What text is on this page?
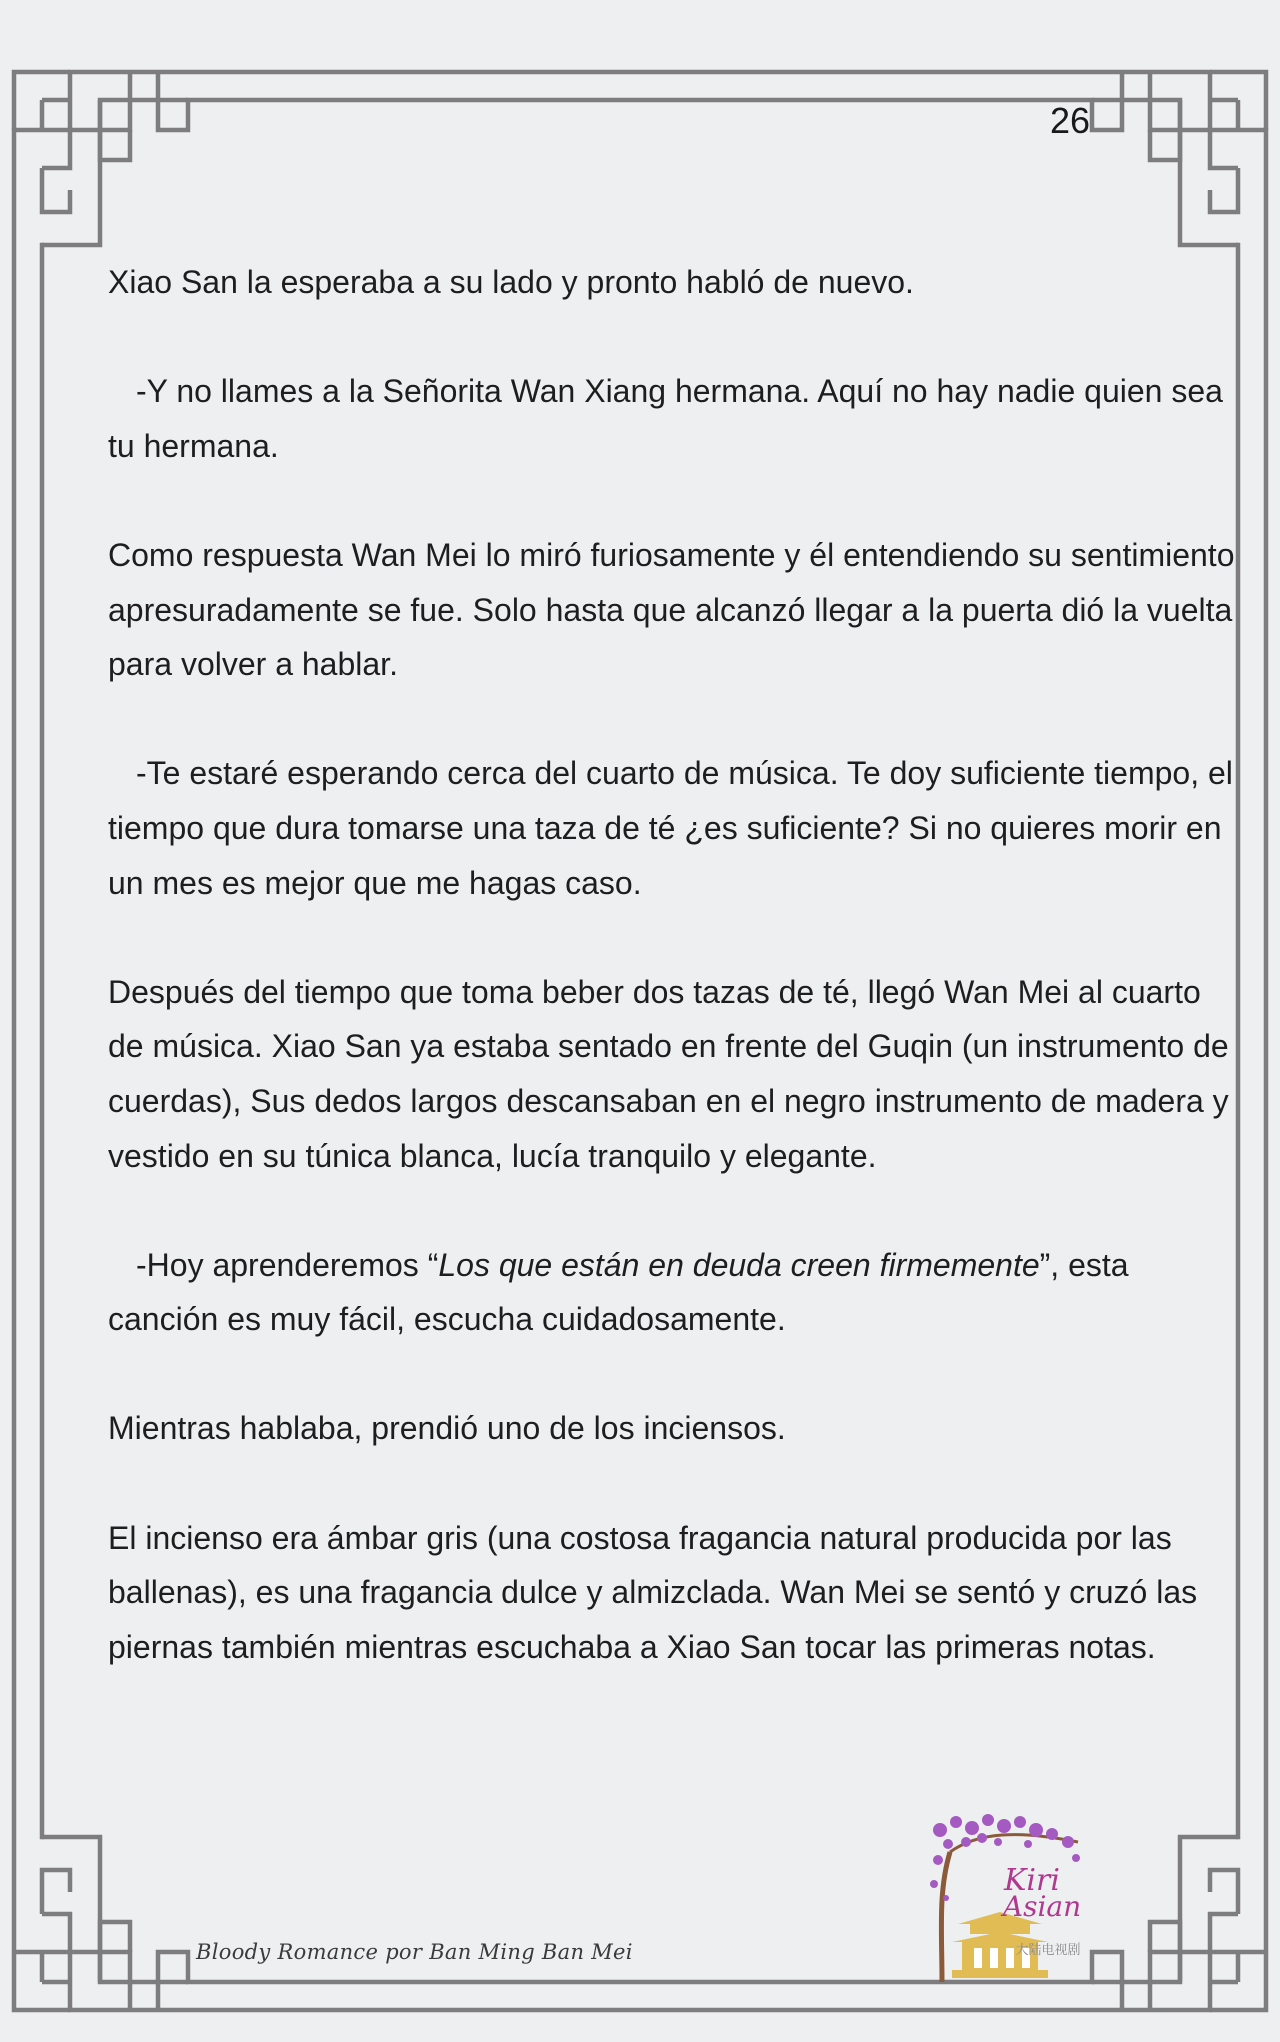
26

Xiao San la esperaba a su lado y pronto habló de nuevo.

-Y no llames a la Señorita Wan Xiang hermana. Aquí no hay nadie quien sea tu hermana.

Como respuesta Wan Mei lo miró furiosamente y él entendiendo su sentimiento apresuradamente se fue. Solo hasta que alcanzó llegar a la puerta dió la vuelta para volver a hablar.

-Te estaré esperando cerca del cuarto de música. Te doy suficiente tiempo, el tiempo que dura tomarse una taza de té ¿es suficiente? Si no quieres morir en un mes es mejor que me hagas caso.

Después del tiempo que toma beber dos tazas de té, llegó Wan Mei al cuarto de música. Xiao San ya estaba sentado en frente del Guqin (un instrumento de cuerdas), Sus dedos largos descansaban en el negro instrumento de madera y vestido en su túnica blanca, lucía tranquilo y elegante.

-Hoy aprenderemos “Los que están en deuda creen firmemente”, esta canción es muy fácil, escucha cuidadosamente.

Mientras hablaba, prendió uno de los inciensos.

El incienso era ámbar gris (una costosa fragancia natural producida por las ballenas), es una fragancia dulce y almizclada. Wan Mei se sentó y cruzó las piernas también mientras escuchaba a Xiao San tocar las primeras notas.

Bloody Romance por Ban Ming Ban Mei
Kiri
Asian
大陆电视剧
